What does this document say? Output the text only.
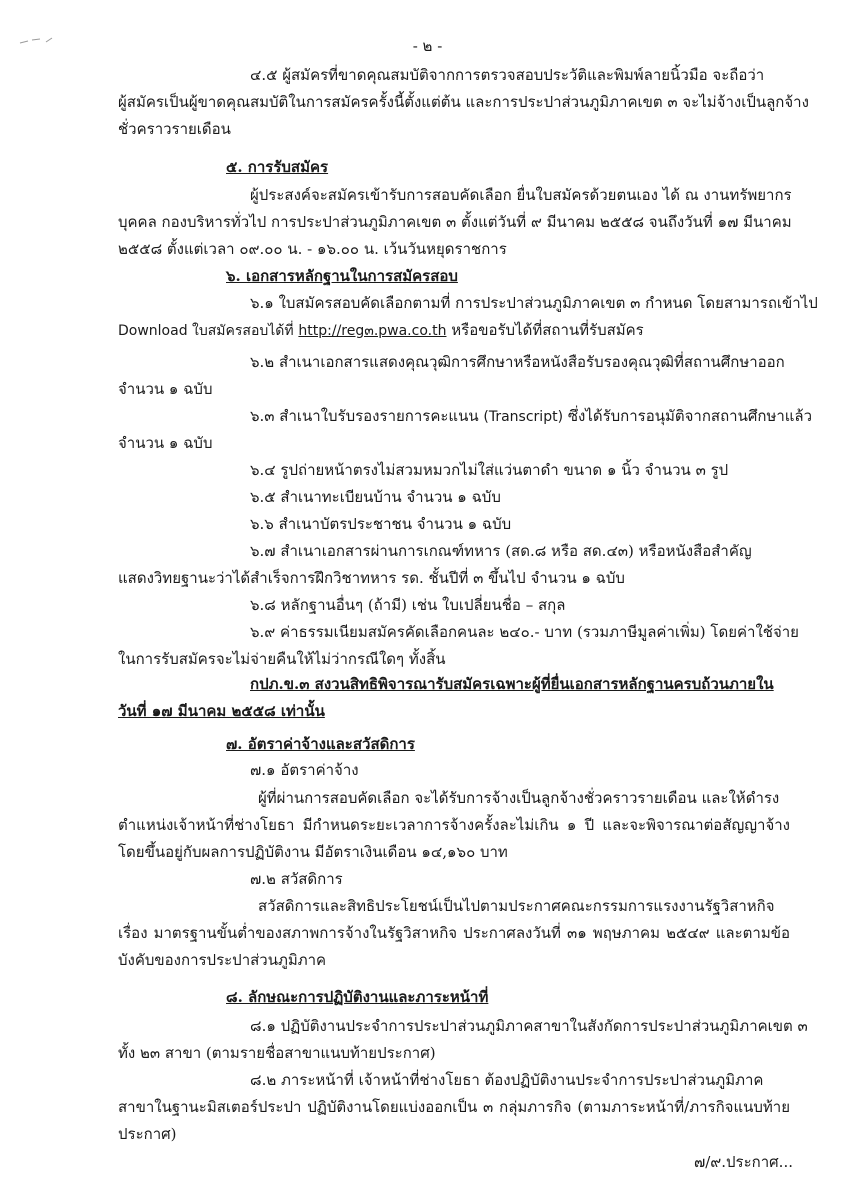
- ๒ -
๔.๕ ผู้สมัครที่ขาดคุณสมบัติจากการตรวจสอบประวัติและพิมพ์ลายนิ้วมือ จะถือว่า
ผู้สมัครเป็นผู้ขาดคุณสมบัติในการสมัครครั้งนี้ตั้งแต่ต้น และการประปาส่วนภูมิภาคเขต ๓ จะไม่จ้างเป็นลูกจ้าง
ชั่วคราวรายเดือน
๕. การรับสมัคร
ผู้ประสงค์จะสมัครเข้ารับการสอบคัดเลือก ยื่นใบสมัครด้วยตนเอง ได้ ณ งานทรัพยากร
บุคคล กองบริหารทั่วไป การประปาส่วนภูมิภาคเขต ๓ ตั้งแต่วันที่ ๙ มีนาคม ๒๕๕๘ จนถึงวันที่ ๑๗ มีนาคม
๒๕๕๘ ตั้งแต่เวลา ๐๙.๐๐ น. - ๑๖.๐๐ น. เว้นวันหยุดราชการ
๖. เอกสารหลักฐานในการสมัครสอบ
๖.๑ ใบสมัครสอบคัดเลือกตามที่ การประปาส่วนภูมิภาคเขต ๓ กำหนด โดยสามารถเข้าไป
Download ใบสมัครสอบได้ที่ http://reg๓.pwa.co.th หรือขอรับได้ที่สถานที่รับสมัคร
๖.๒ สำเนาเอกสารแสดงคุณวุฒิการศึกษาหรือหนังสือรับรองคุณวุฒิที่สถานศึกษาออก
จำนวน ๑ ฉบับ
๖.๓ สำเนาใบรับรองรายการคะแนน (Transcript) ซึ่งได้รับการอนุมัติจากสถานศึกษาแล้ว
จำนวน ๑ ฉบับ
๖.๔ รูปถ่ายหน้าตรงไม่สวมหมวกไม่ใส่แว่นตาดำ ขนาด ๑ นิ้ว จำนวน ๓ รูป
๖.๕ สำเนาทะเบียนบ้าน จำนวน ๑ ฉบับ
๖.๖ สำเนาบัตรประชาชน จำนวน ๑ ฉบับ
๖.๗ สำเนาเอกสารผ่านการเกณฑ์ทหาร (สด.๘ หรือ สด.๔๓) หรือหนังสือสำคัญ
แสดงวิทยฐานะว่าได้สำเร็จการฝึกวิชาทหาร รด. ชั้นปีที่ ๓ ขึ้นไป จำนวน ๑ ฉบับ
๖.๘ หลักฐานอื่นๆ (ถ้ามี) เช่น ใบเปลี่ยนชื่อ – สกุล
๖.๙ ค่าธรรมเนียมสมัครคัดเลือกคนละ ๒๔๐.- บาท (รวมภาษีมูลค่าเพิ่ม) โดยค่าใช้จ่าย
ในการรับสมัครจะไม่จ่ายคืนให้ไม่ว่ากรณีใดๆ ทั้งสิ้น
กปภ.ข.๓ สงวนสิทธิพิจารณารับสมัครเฉพาะผู้ที่ยื่นเอกสารหลักฐานครบถ้วนภายใน
วันที่ ๑๗ มีนาคม ๒๕๕๘ เท่านั้น
๗. อัตราค่าจ้างและสวัสดิการ
๗.๑ อัตราค่าจ้าง
ผู้ที่ผ่านการสอบคัดเลือก จะได้รับการจ้างเป็นลูกจ้างชั่วคราวรายเดือน และให้ดำรง
ตำแหน่งเจ้าหน้าที่ช่างโยธา มีกำหนดระยะเวลาการจ้างครั้งละไม่เกิน ๑ ปี และจะพิจารณาต่อสัญญาจ้าง
โดยขึ้นอยู่กับผลการปฏิบัติงาน มีอัตราเงินเดือน ๑๔,๑๖๐ บาท
๗.๒ สวัสดิการ
สวัสดิการและสิทธิประโยชน์เป็นไปตามประกาศคณะกรรมการแรงงานรัฐวิสาหกิจ
เรื่อง มาตรฐานขั้นต่ำของสภาพการจ้างในรัฐวิสาหกิจ ประกาศลงวันที่ ๓๑ พฤษภาคม ๒๕๔๙ และตามข้อ
บังคับของการประปาส่วนภูมิภาค
๘. ลักษณะการปฏิบัติงานและภาระหน้าที่
๘.๑ ปฏิบัติงานประจำการประปาส่วนภูมิภาคสาขาในสังกัดการประปาส่วนภูมิภาคเขต ๓
ทั้ง ๒๓ สาขา (ตามรายชื่อสาขาแนบท้ายประกาศ)
๘.๒ ภาระหน้าที่ เจ้าหน้าที่ช่างโยธา ต้องปฏิบัติงานประจำการประปาส่วนภูมิภาค
สาขาในฐานะมิสเตอร์ประปา ปฏิบัติงานโดยแบ่งออกเป็น ๓ กลุ่มภารกิจ (ตามภาระหน้าที่/ภารกิจแนบท้าย
ประกาศ)
๗/๙.ประกาศ...
